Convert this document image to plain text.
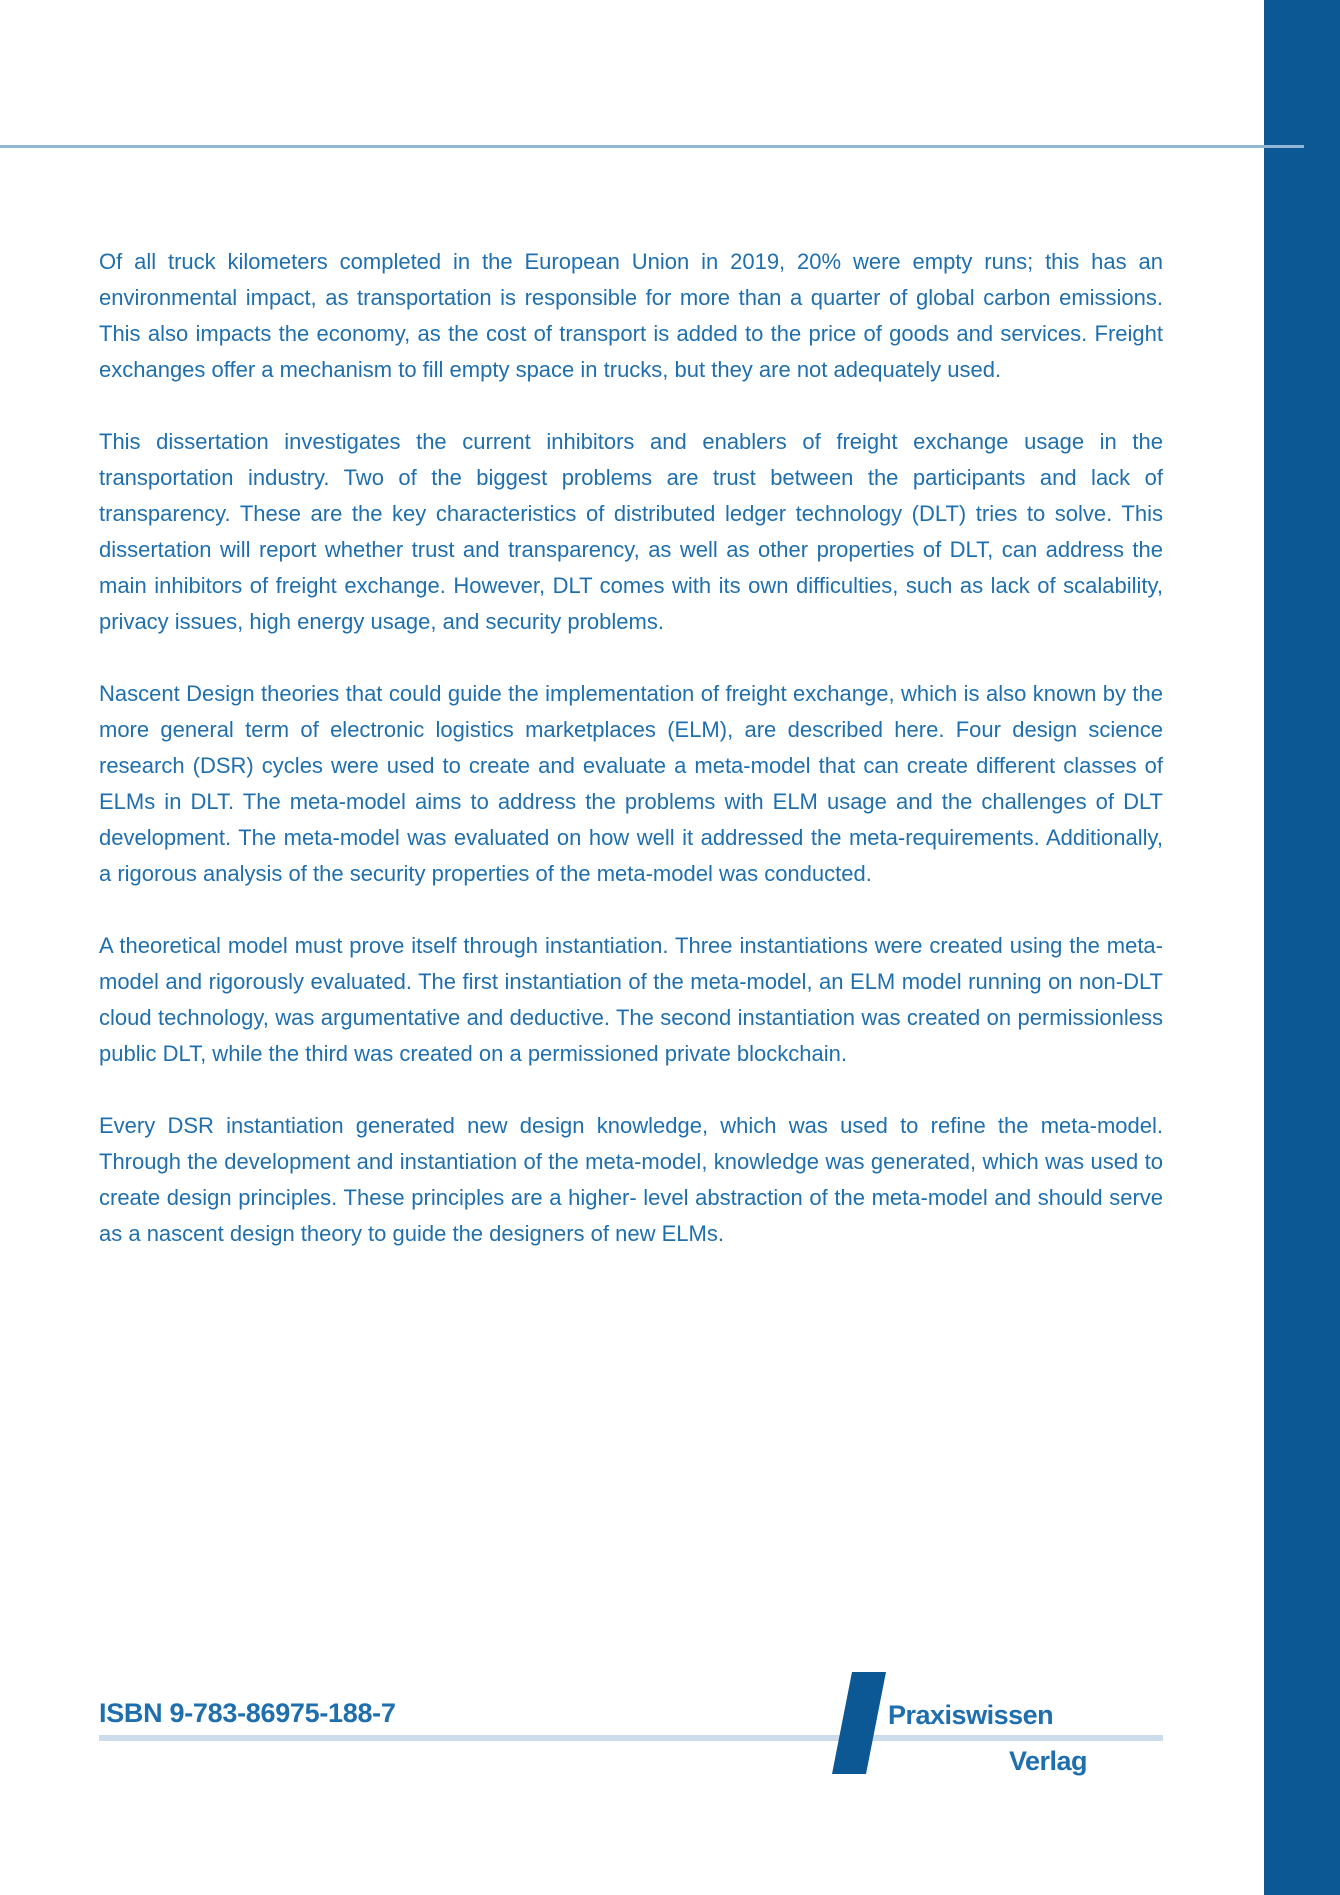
Of all truck kilometers completed in the European Union in 2019, 20% were empty runs; this has an environmental impact, as transportation is responsible for more than a quarter of global carbon emissions. This also impacts the economy, as the cost of transport is added to the price of goods and services. Freight exchanges offer a mechanism to fill empty space in trucks, but they are not adequately used.

This dissertation investigates the current inhibitors and enablers of freight exchange usage in the transportation industry. Two of the biggest problems are trust between the participants and lack of transparency. These are the key characteristics of distributed ledger technology (DLT) tries to solve. This dissertation will report whether trust and transparency, as well as other properties of DLT, can address the main inhibitors of freight exchange. However, DLT comes with its own difficulties, such as lack of scalability, privacy issues, high energy usage, and security problems.

Nascent Design theories that could guide the implementation of freight exchange, which is also known by the more general term of electronic logistics marketplaces (ELM), are described here. Four design science research (DSR) cycles were used to create and evaluate a meta-model that can create different classes of ELMs in DLT. The meta-model aims to address the problems with ELM usage and the challenges of DLT development. The meta-model was evaluated on how well it addressed the meta-requirements. Additionally, a rigorous analysis of the security properties of the meta-model was conducted.

A theoretical model must prove itself through instantiation. Three instantiations were created using the meta-model and rigorously evaluated. The first instantiation of the meta-model, an ELM model running on non-DLT cloud technology, was argumentative and deductive. The second instantiation was created on permissionless public DLT, while the third was created on a permissioned private blockchain.

Every DSR instantiation generated new design knowledge, which was used to refine the meta-model. Through the development and instantiation of the meta-model, knowledge was generated, which was used to create design principles. These principles are a higher- level abstraction of the meta-model and should serve as a nascent design theory to guide the designers of new ELMs.

ISBN 9-783-86975-188-7	Praxiswissen
Verlag
